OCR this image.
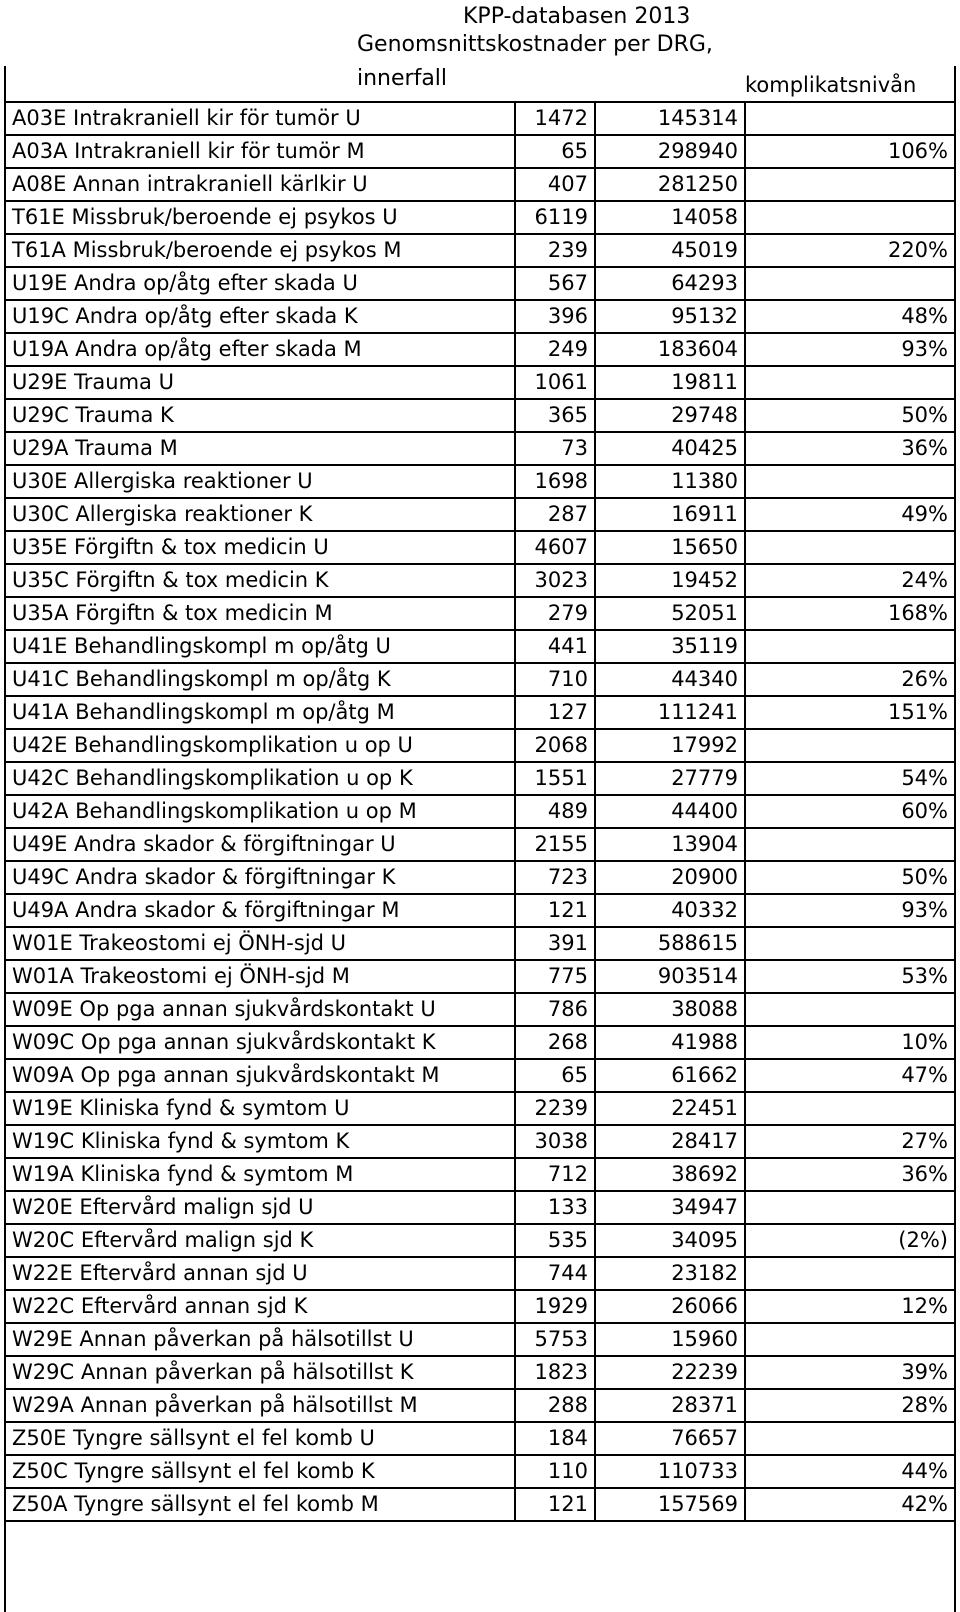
KPP-databasen 2013
Genomsnittskostnader per DRG, innerfall	komplikatsnivån
A03E Intrakraniell kir för tumör U	1472	145314	
A03A Intrakraniell kir för tumör M	65	298940	106%
A08E Annan intrakraniell kärlkir U	407	281250	
T61E Missbruk/beroende ej psykos U	6119	14058	
T61A Missbruk/beroende ej psykos M	239	45019	220%
U19E Andra op/åtg efter skada U	567	64293	
U19C Andra op/åtg efter skada K	396	95132	48%
U19A Andra op/åtg efter skada M	249	183604	93%
U29E Trauma U	1061	19811	
U29C Trauma K	365	29748	50%
U29A Trauma M	73	40425	36%
U30E Allergiska reaktioner U	1698	11380	
U30C Allergiska reaktioner K	287	16911	49%
U35E Förgiftn & tox medicin U	4607	15650	
U35C Förgiftn & tox medicin K	3023	19452	24%
U35A Förgiftn & tox medicin M	279	52051	168%
U41E Behandlingskompl m op/åtg U	441	35119	
U41C Behandlingskompl m op/åtg K	710	44340	26%
U41A Behandlingskompl m op/åtg M	127	111241	151%
U42E Behandlingskomplikation u op U	2068	17992	
U42C Behandlingskomplikation u op K	1551	27779	54%
U42A Behandlingskomplikation u op M	489	44400	60%
U49E Andra skador & förgiftningar U	2155	13904	
U49C Andra skador & förgiftningar K	723	20900	50%
U49A Andra skador & förgiftningar M	121	40332	93%
W01E Trakeostomi ej ÖNH-sjd U	391	588615	
W01A Trakeostomi ej ÖNH-sjd M	775	903514	53%
W09E Op pga annan sjukvårdskontakt U	786	38088	
W09C Op pga annan sjukvårdskontakt K	268	41988	10%
W09A Op pga annan sjukvårdskontakt M	65	61662	47%
W19E Kliniska fynd & symtom U	2239	22451	
W19C Kliniska fynd & symtom K	3038	28417	27%
W19A Kliniska fynd & symtom M	712	38692	36%
W20E Eftervård malign sjd U	133	34947	
W20C Eftervård malign sjd K	535	34095	(2%)
W22E Eftervård annan sjd U	744	23182	
W22C Eftervård annan sjd K	1929	26066	12%
W29E Annan påverkan på hälsotillst U	5753	15960	
W29C Annan påverkan på hälsotillst K	1823	22239	39%
W29A Annan påverkan på hälsotillst M	288	28371	28%
Z50E Tyngre sällsynt el fel komb U	184	76657	
Z50C Tyngre sällsynt el fel komb K	110	110733	44%
Z50A Tyngre sällsynt el fel komb M	121	157569	42%
